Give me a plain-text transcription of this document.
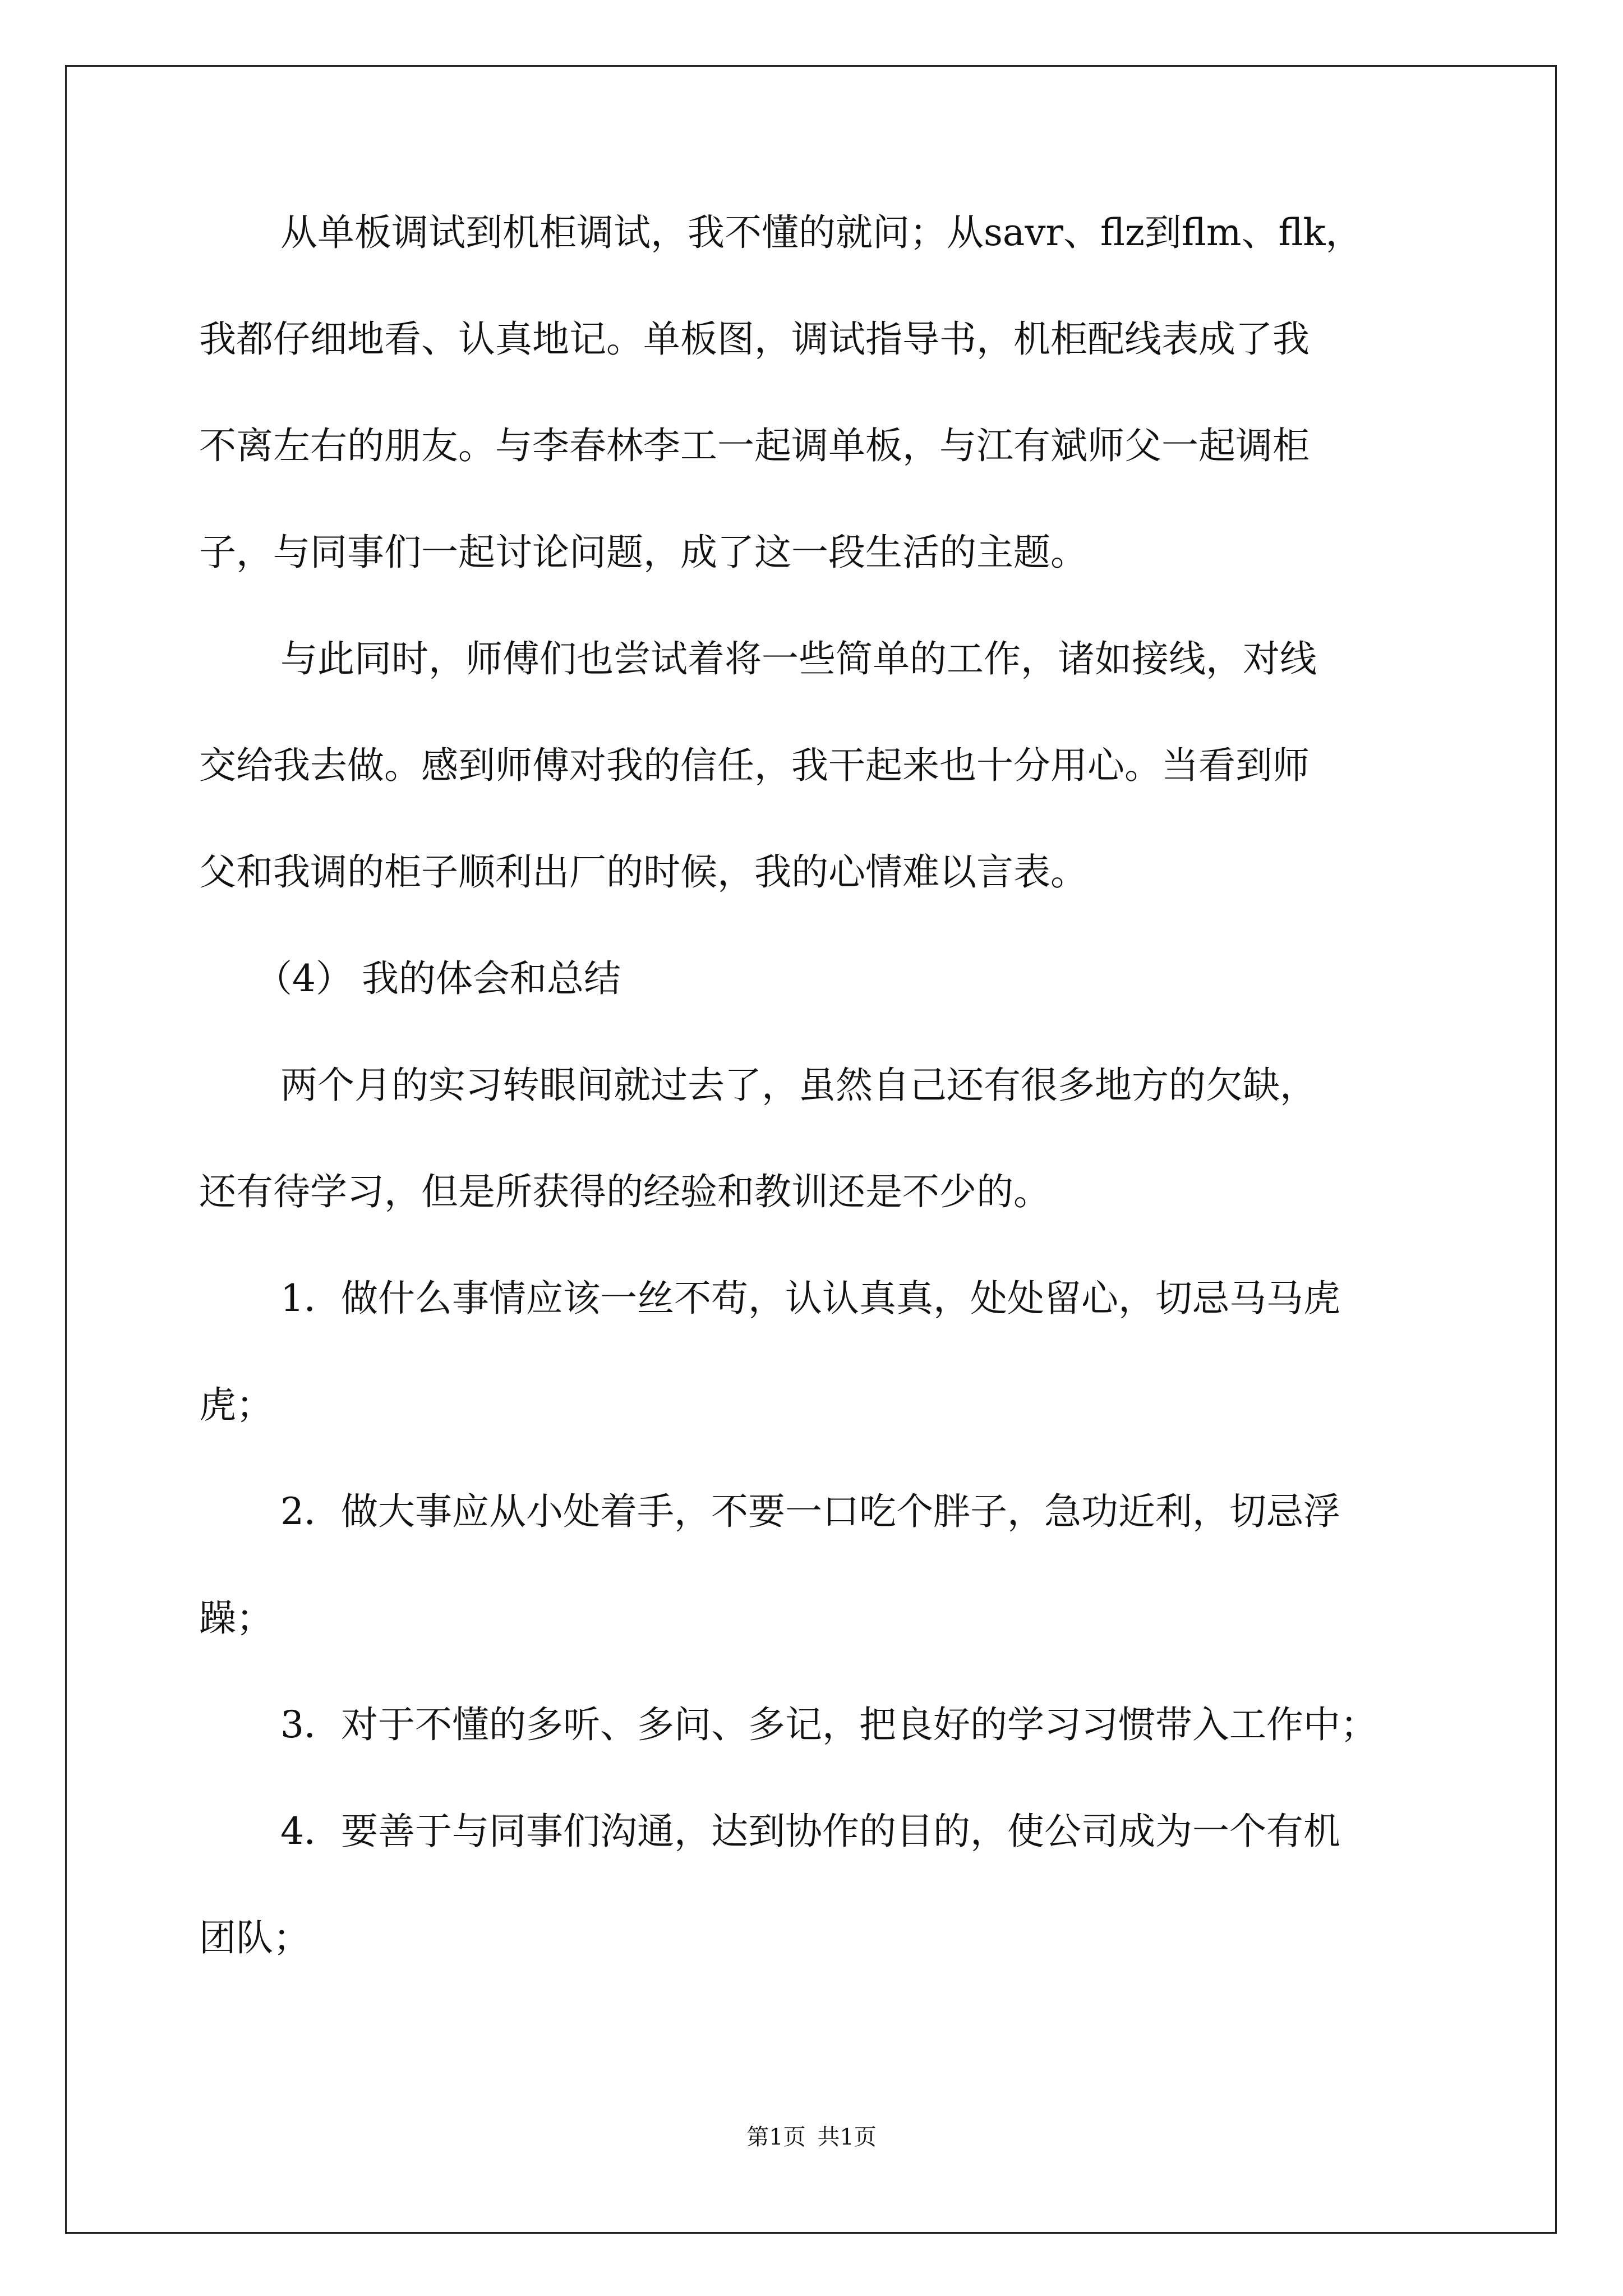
从单板调试到机柜调试，我不懂的就问；从savr、flz到flm、flk，
我都仔细地看、认真地记。单板图，调试指导书，机柜配线表成了我
不离左右的朋友。与李春林李工一起调单板，与江有斌师父一起调柜
子，与同事们一起讨论问题，成了这一段生活的主题。
与此同时，师傅们也尝试着将一些简单的工作，诸如接线，对线
交给我去做。感到师傅对我的信任，我干起来也十分用心。当看到师
父和我调的柜子顺利出厂的时候，我的心情难以言表。
（4） 我的体会和总结
两个月的实习转眼间就过去了，虽然自己还有很多地方的欠缺，
还有待学习，但是所获得的经验和教训还是不少的。
1．做什么事情应该一丝不苟，认认真真，处处留心，切忌马马虎
虎；
2．做大事应从小处着手，不要一口吃个胖子，急功近利，切忌浮
躁；
3．对于不懂的多听、多问、多记，把良好的学习习惯带入工作中；
4．要善于与同事们沟通，达到协作的目的，使公司成为一个有机
团队；
第1页 共1页
